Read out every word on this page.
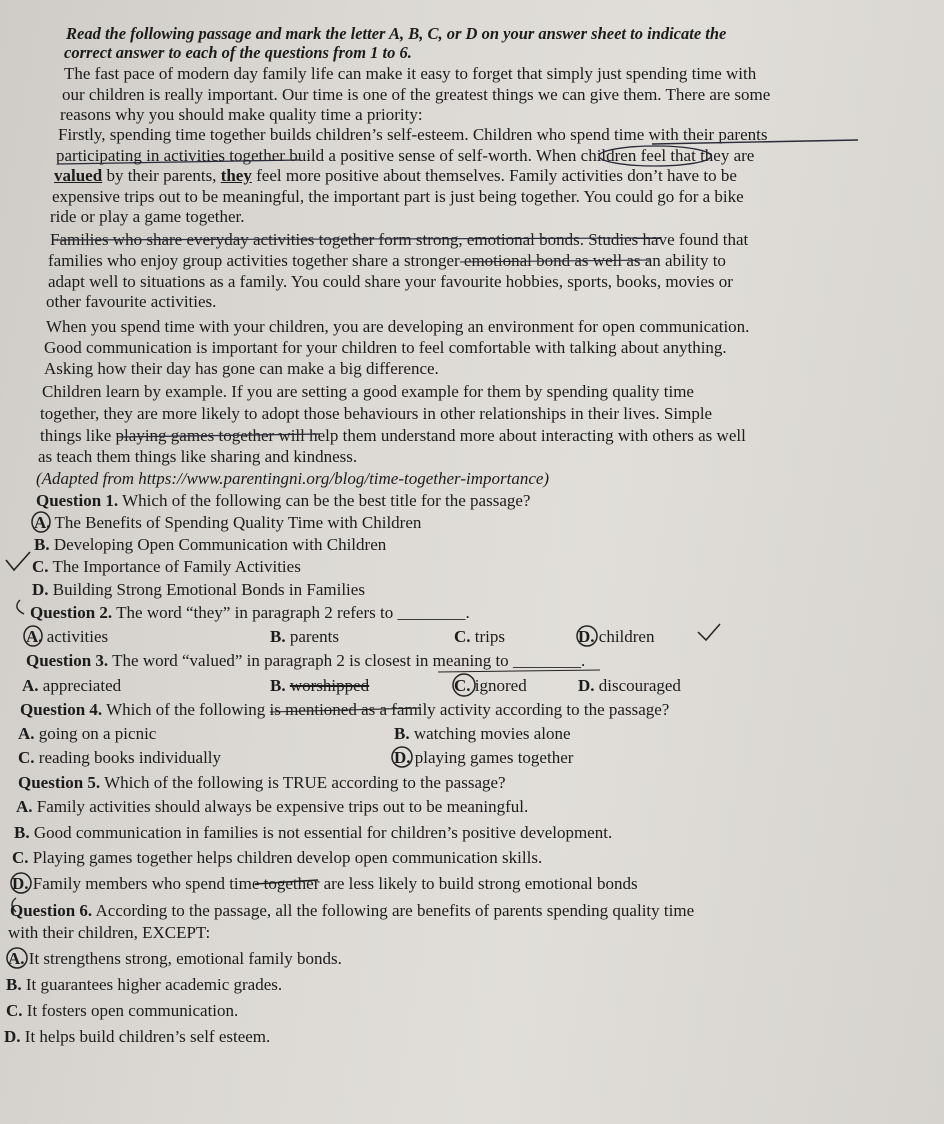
Read the following passage and mark the letter A, B, C, or D on your answer sheet to indicate the
correct answer to each of the questions from 1 to 6.
The fast pace of modern day family life can make it easy to forget that simply just spending time with
our children is really important. Our time is one of the greatest things we can give them. There are some
reasons why you should make quality time a priority:
Firstly, spending time together builds children’s self-esteem. Children who spend time with their parents
participating in activities together build a positive sense of self-worth. When children feel that they are
valued by their parents, they feel more positive about themselves. Family activities don’t have to be
expensive trips out to be meaningful, the important part is just being together. You could go for a bike
ride or play a game together.
Families who share everyday activities together form strong, emotional bonds. Studies have found that
families who enjoy group activities together share a stronger emotional bond as well as an ability to
adapt well to situations as a family. You could share your favourite hobbies, sports, books, movies or
other favourite activities.
When you spend time with your children, you are developing an environment for open communication.
Good communication is important for your children to feel comfortable with talking about anything.
Asking how their day has gone can make a big difference.
Children learn by example. If you are setting a good example for them by spending quality time
together, they are more likely to adopt those behaviours in other relationships in their lives. Simple
things like playing games together will help them understand more about interacting with others as well
as teach them things like sharing and kindness.
(Adapted from https://www.parentingni.org/blog/time-together-importance)
Question 1. Which of the following can be the best title for the passage?
A. The Benefits of Spending Quality Time with Children
B. Developing Open Communication with Children
C. The Importance of Family Activities
D. Building Strong Emotional Bonds in Families
Question 2. The word “they” in paragraph 2 refers to ________.
A. activities	B. parents	C. trips	D. children
Question 3. The word “valued” in paragraph 2 is closest in meaning to ________.
A. appreciated	B. worshipped	C. ignored	D. discouraged
Question 4. Which of the following is mentioned as a family activity according to the passage?
A. going on a picnic	B. watching movies alone
C. reading books individually	D. playing games together
Question 5. Which of the following is TRUE according to the passage?
A. Family activities should always be expensive trips out to be meaningful.
B. Good communication in families is not essential for children’s positive development.
C. Playing games together helps children develop open communication skills.
D. Family members who spend time together are less likely to build strong emotional bonds
Question 6. According to the passage, all the following are benefits of parents spending quality time
with their children, EXCEPT:
A. It strengthens strong, emotional family bonds.
B. It guarantees higher academic grades.
C. It fosters open communication.
D. It helps build children’s self esteem.
